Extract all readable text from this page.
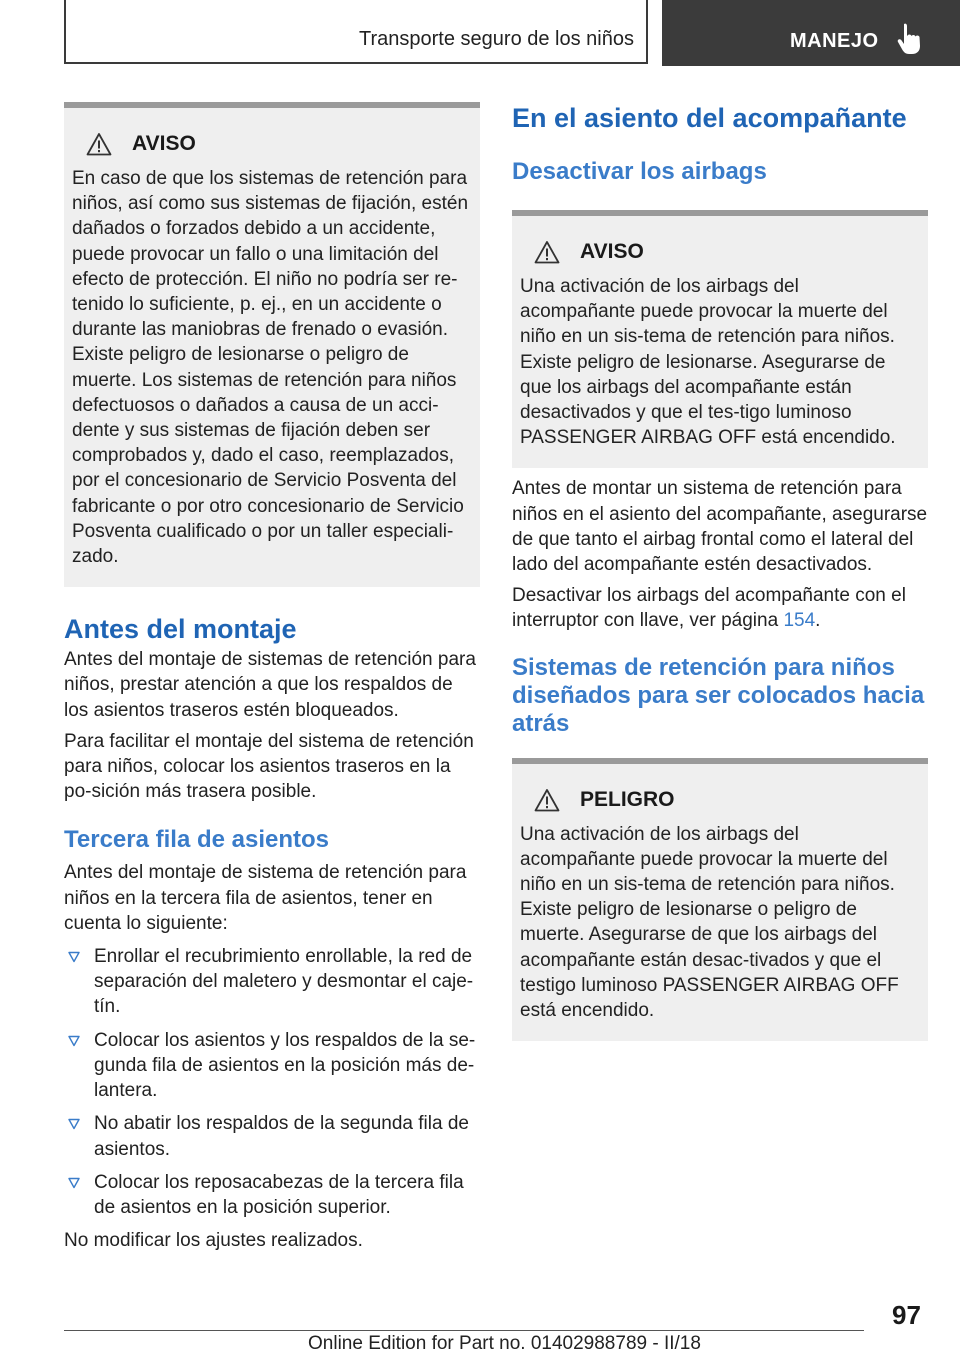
Transporte seguro de los niños	MANEJO
AVISO

En caso de que los sistemas de retención para niños, así como sus sistemas de fijación, estén dañados o forzados debido a un accidente, puede provocar un fallo o una limitación del efecto de protección. El niño no podría ser re-tenido lo suficiente, p. ej., en un accidente o durante las maniobras de frenado o evasión. Existe peligro de lesionarse o peligro de muerte. Los sistemas de retención para niños defectuosos o dañados a causa de un acci-dente y sus sistemas de fijación deben ser comprobados y, dado el caso, reemplazados, por el concesionario de Servicio Posventa del fabricante o por otro concesionario de Servicio Posventa cualificado o por un taller especiali-zado.

Antes del montaje

Antes del montaje de sistemas de retención para niños, prestar atención a que los respaldos de los asientos traseros estén bloqueados.

Para facilitar el montaje del sistema de retención para niños, colocar los asientos traseros en la po-sición más trasera posible.

Tercera fila de asientos

Antes del montaje de sistema de retención para niños en la tercera fila de asientos, tener en cuenta lo siguiente:

Enrollar el recubrimiento enrollable, la red de separación del maletero y desmontar el caje-tín.
Colocar los asientos y los respaldos de la se-gunda fila de asientos en la posición más de-lantera.
No abatir los respaldos de la segunda fila de asientos.
Colocar los reposacabezas de la tercera fila de asientos en la posición superior.

No modificar los ajustes realizados.

En el asiento del acompañante
Desactivar los airbags
AVISO

Una activación de los airbags del acompañante puede provocar la muerte del niño en un sis-tema de retención para niños. Existe peligro de lesionarse. Asegurarse de que los airbags del acompañante están desactivados y que el tes-tigo luminoso PASSENGER AIRBAG OFF está encendido.

Antes de montar un sistema de retención para niños en el asiento del acompañante, asegurarse de que tanto el airbag frontal como el lateral del lado del acompañante estén desactivados.

Desactivar los airbags del acompañante con el interruptor con llave, ver página 154.

Sistemas de retención para niños diseñados para ser colocados hacia atrás
PELIGRO

Una activación de los airbags del acompañante puede provocar la muerte del niño en un sis-tema de retención para niños. Existe peligro de lesionarse o peligro de muerte. Asegurarse de que los airbags del acompañante están desac-tivados y que el testigo luminoso PASSENGER AIRBAG OFF está encendido.

97
Online Edition for Part no. 01402988789 - II/18
